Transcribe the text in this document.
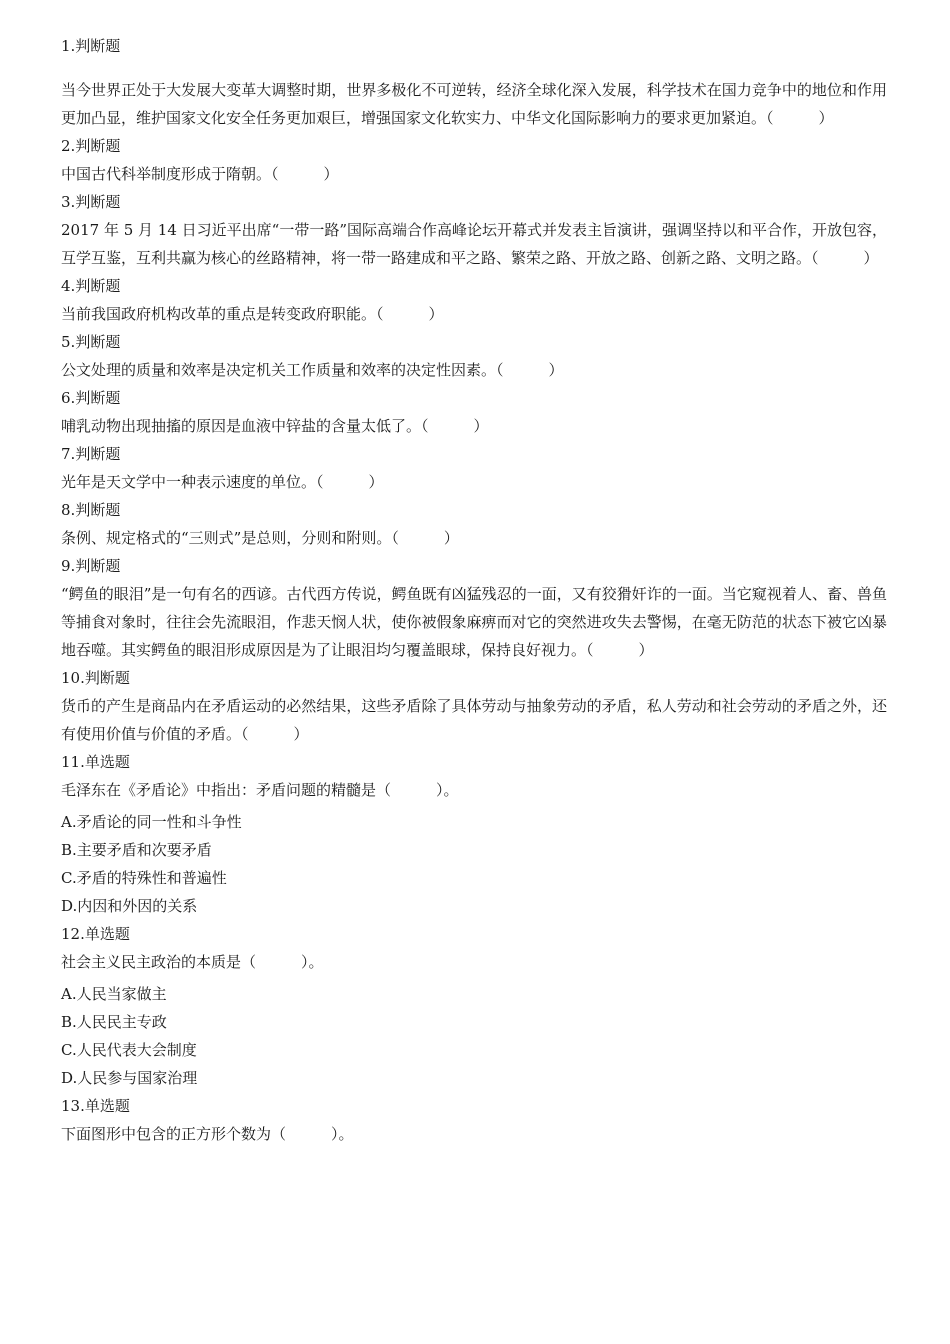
1.判断题
当今世界正处于大发展大变革大调整时期，世界多极化不可逆转，经济全球化深入发展，科学技术在国力竞争中的地位和作用更加凸显，维护国家文化安全任务更加艰巨，增强国家文化软实力、中华文化国际影响力的要求更加紧迫。（　　　）
2.判断题
中国古代科举制度形成于隋朝。（　　　）
3.判断题
2017 年 5 月 14 日习近平出席“一带一路”国际高端合作高峰论坛开幕式并发表主旨演讲，强调坚持以和平合作，开放包容，互学互鉴，互利共赢为核心的丝路精神，将一带一路建成和平之路、繁荣之路、开放之路、创新之路、文明之路。（　　　）
4.判断题
当前我国政府机构改革的重点是转变政府职能。（　　　）
5.判断题
公文处理的质量和效率是决定机关工作质量和效率的决定性因素。（　　　）
6.判断题
哺乳动物出现抽搐的原因是血液中锌盐的含量太低了。（　　　）
7.判断题
光年是天文学中一种表示速度的单位。（　　　）
8.判断题
条例、规定格式的“三则式”是总则，分则和附则。（　　　）
9.判断题
“鳄鱼的眼泪”是一句有名的西谚。古代西方传说，鳄鱼既有凶猛残忍的一面，又有狡猾奸诈的一面。当它窥视着人、畜、兽鱼等捕食对象时，往往会先流眼泪，作悲天悯人状，使你被假象麻痹而对它的突然进攻失去警惕，在毫无防范的状态下被它凶暴地吞噬。其实鳄鱼的眼泪形成原因是为了让眼泪均匀覆盖眼球，保持良好视力。（　　　）
10.判断题
货币的产生是商品内在矛盾运动的必然结果，这些矛盾除了具体劳动与抽象劳动的矛盾，私人劳动和社会劳动的矛盾之外，还有使用价值与价值的矛盾。（　　　）
11.单选题
毛泽东在《矛盾论》中指出：矛盾问题的精髓是（　　　）。
A.矛盾论的同一性和斗争性
B.主要矛盾和次要矛盾
C.矛盾的特殊性和普遍性
D.内因和外因的关系
12.单选题
社会主义民主政治的本质是（　　　）。
A.人民当家做主
B.人民民主专政
C.人民代表大会制度
D.人民参与国家治理
13.单选题
下面图形中包含的正方形个数为（　　　）。
